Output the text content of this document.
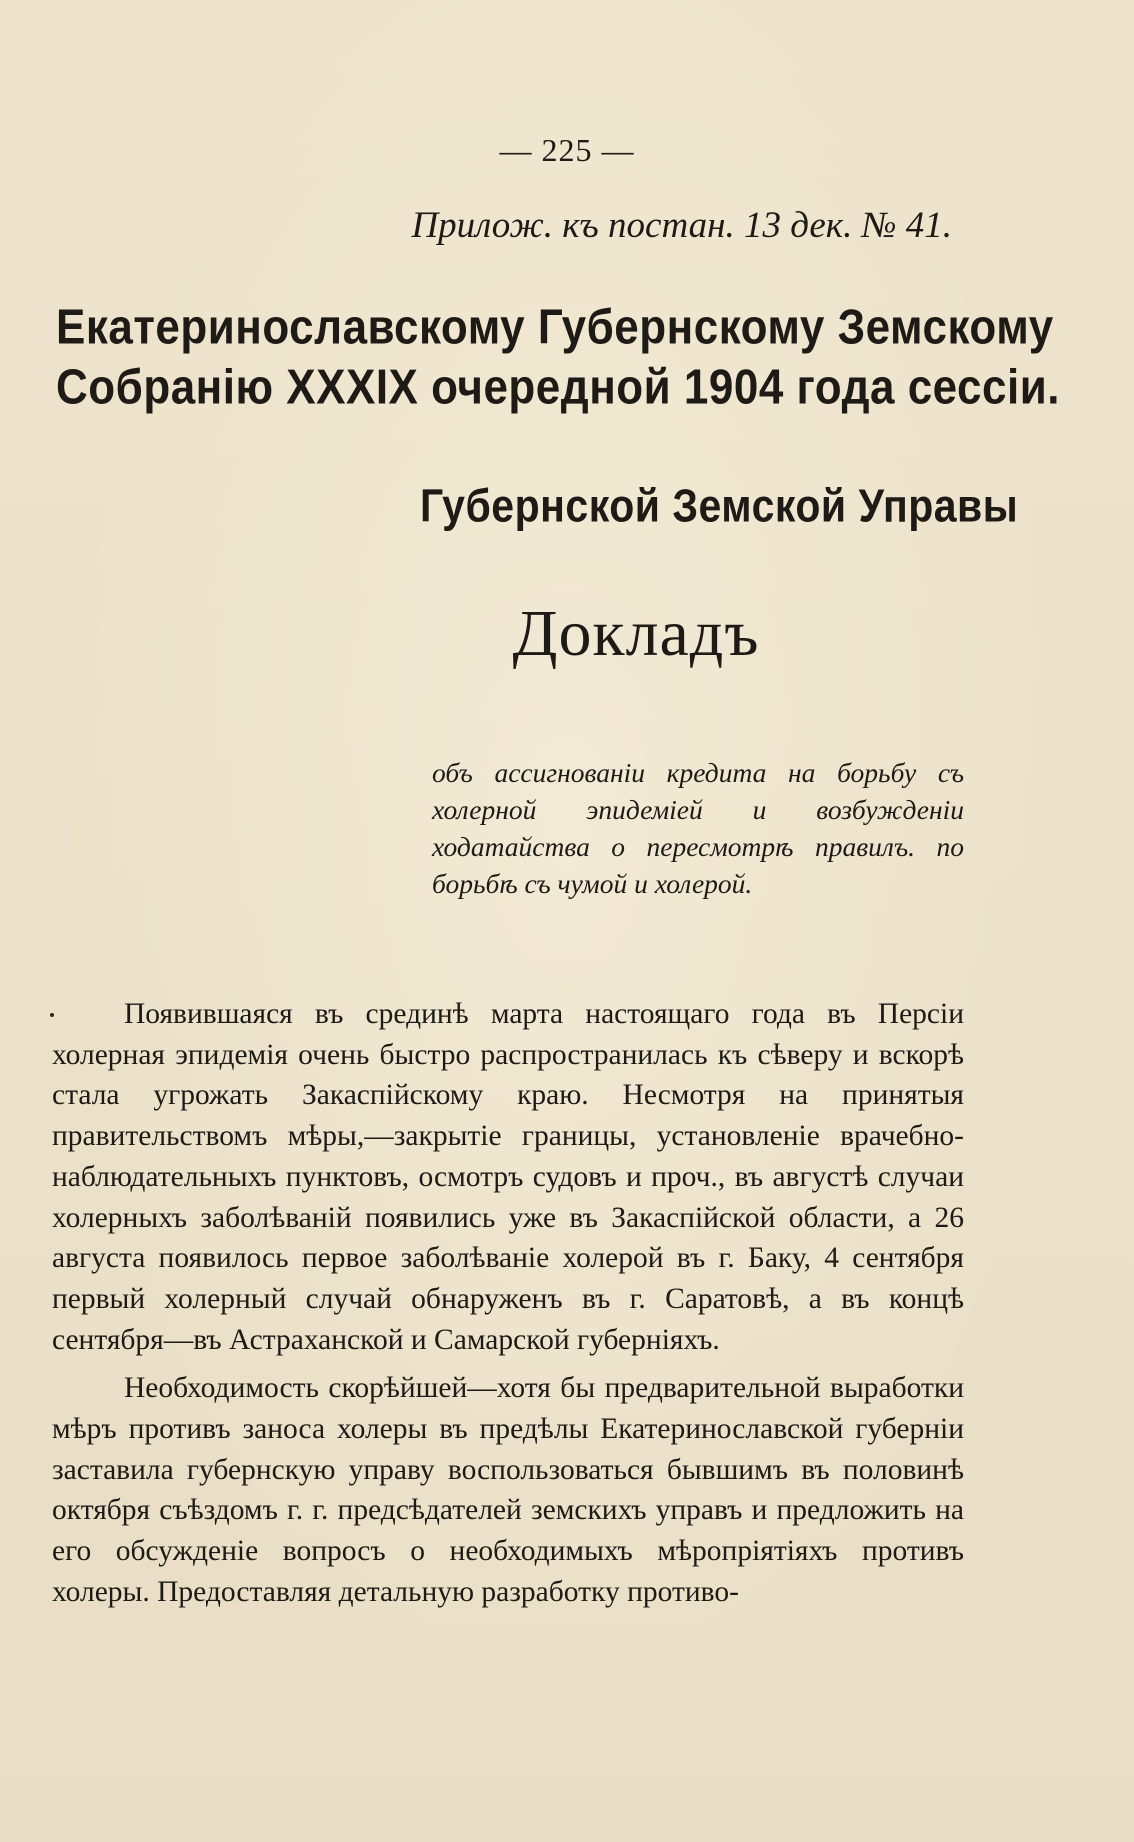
— 225 —
Прилож. къ постан. 13 дек. № 41.
Екатеринославскому Губернскому Земскому
Собранію XXXIX очередной 1904 года сессіи.
Губернской Земской Управы
Докладъ
объ ассигнованіи кредита на борьбу съ холерной эпидеміей и возбужденіи ходатайства о пересмотрѣ правилъ. по борьбѣ съ чумой и холерой.

Появившаяся въ срединѣ марта настоящаго года въ Персіи холерная эпидемія очень быстро распространилась къ сѣверу и вскорѣ стала угрожать Закаспійскому краю. Несмотря на принятыя правительствомъ мѣры,—закрытіе границы, установленіе врачебно-наблюдательныхъ пунктовъ, осмотръ судовъ и проч., въ августѣ случаи холерныхъ заболѣваній появились уже въ Закаспійской области, а 26 августа появилось первое заболѣваніе холерой въ г. Баку, 4 сентября первый холерный случай обнаруженъ въ г. Саратовѣ, а въ концѣ сентября—въ Астраханской и Самарской губерніяхъ.

Необходимость скорѣйшей—хотя бы предварительной выработки мѣръ противъ заноса холеры въ предѣлы Екатеринославской губерніи заставила губернскую управу воспользоваться бывшимъ въ половинѣ октября съѣздомъ г. г. предсѣдателей земскихъ управъ и предложить на его обсужденіе вопросъ о необходимыхъ мѣропріятіяхъ противъ холеры. Предоставляя детальную разработку противо-
